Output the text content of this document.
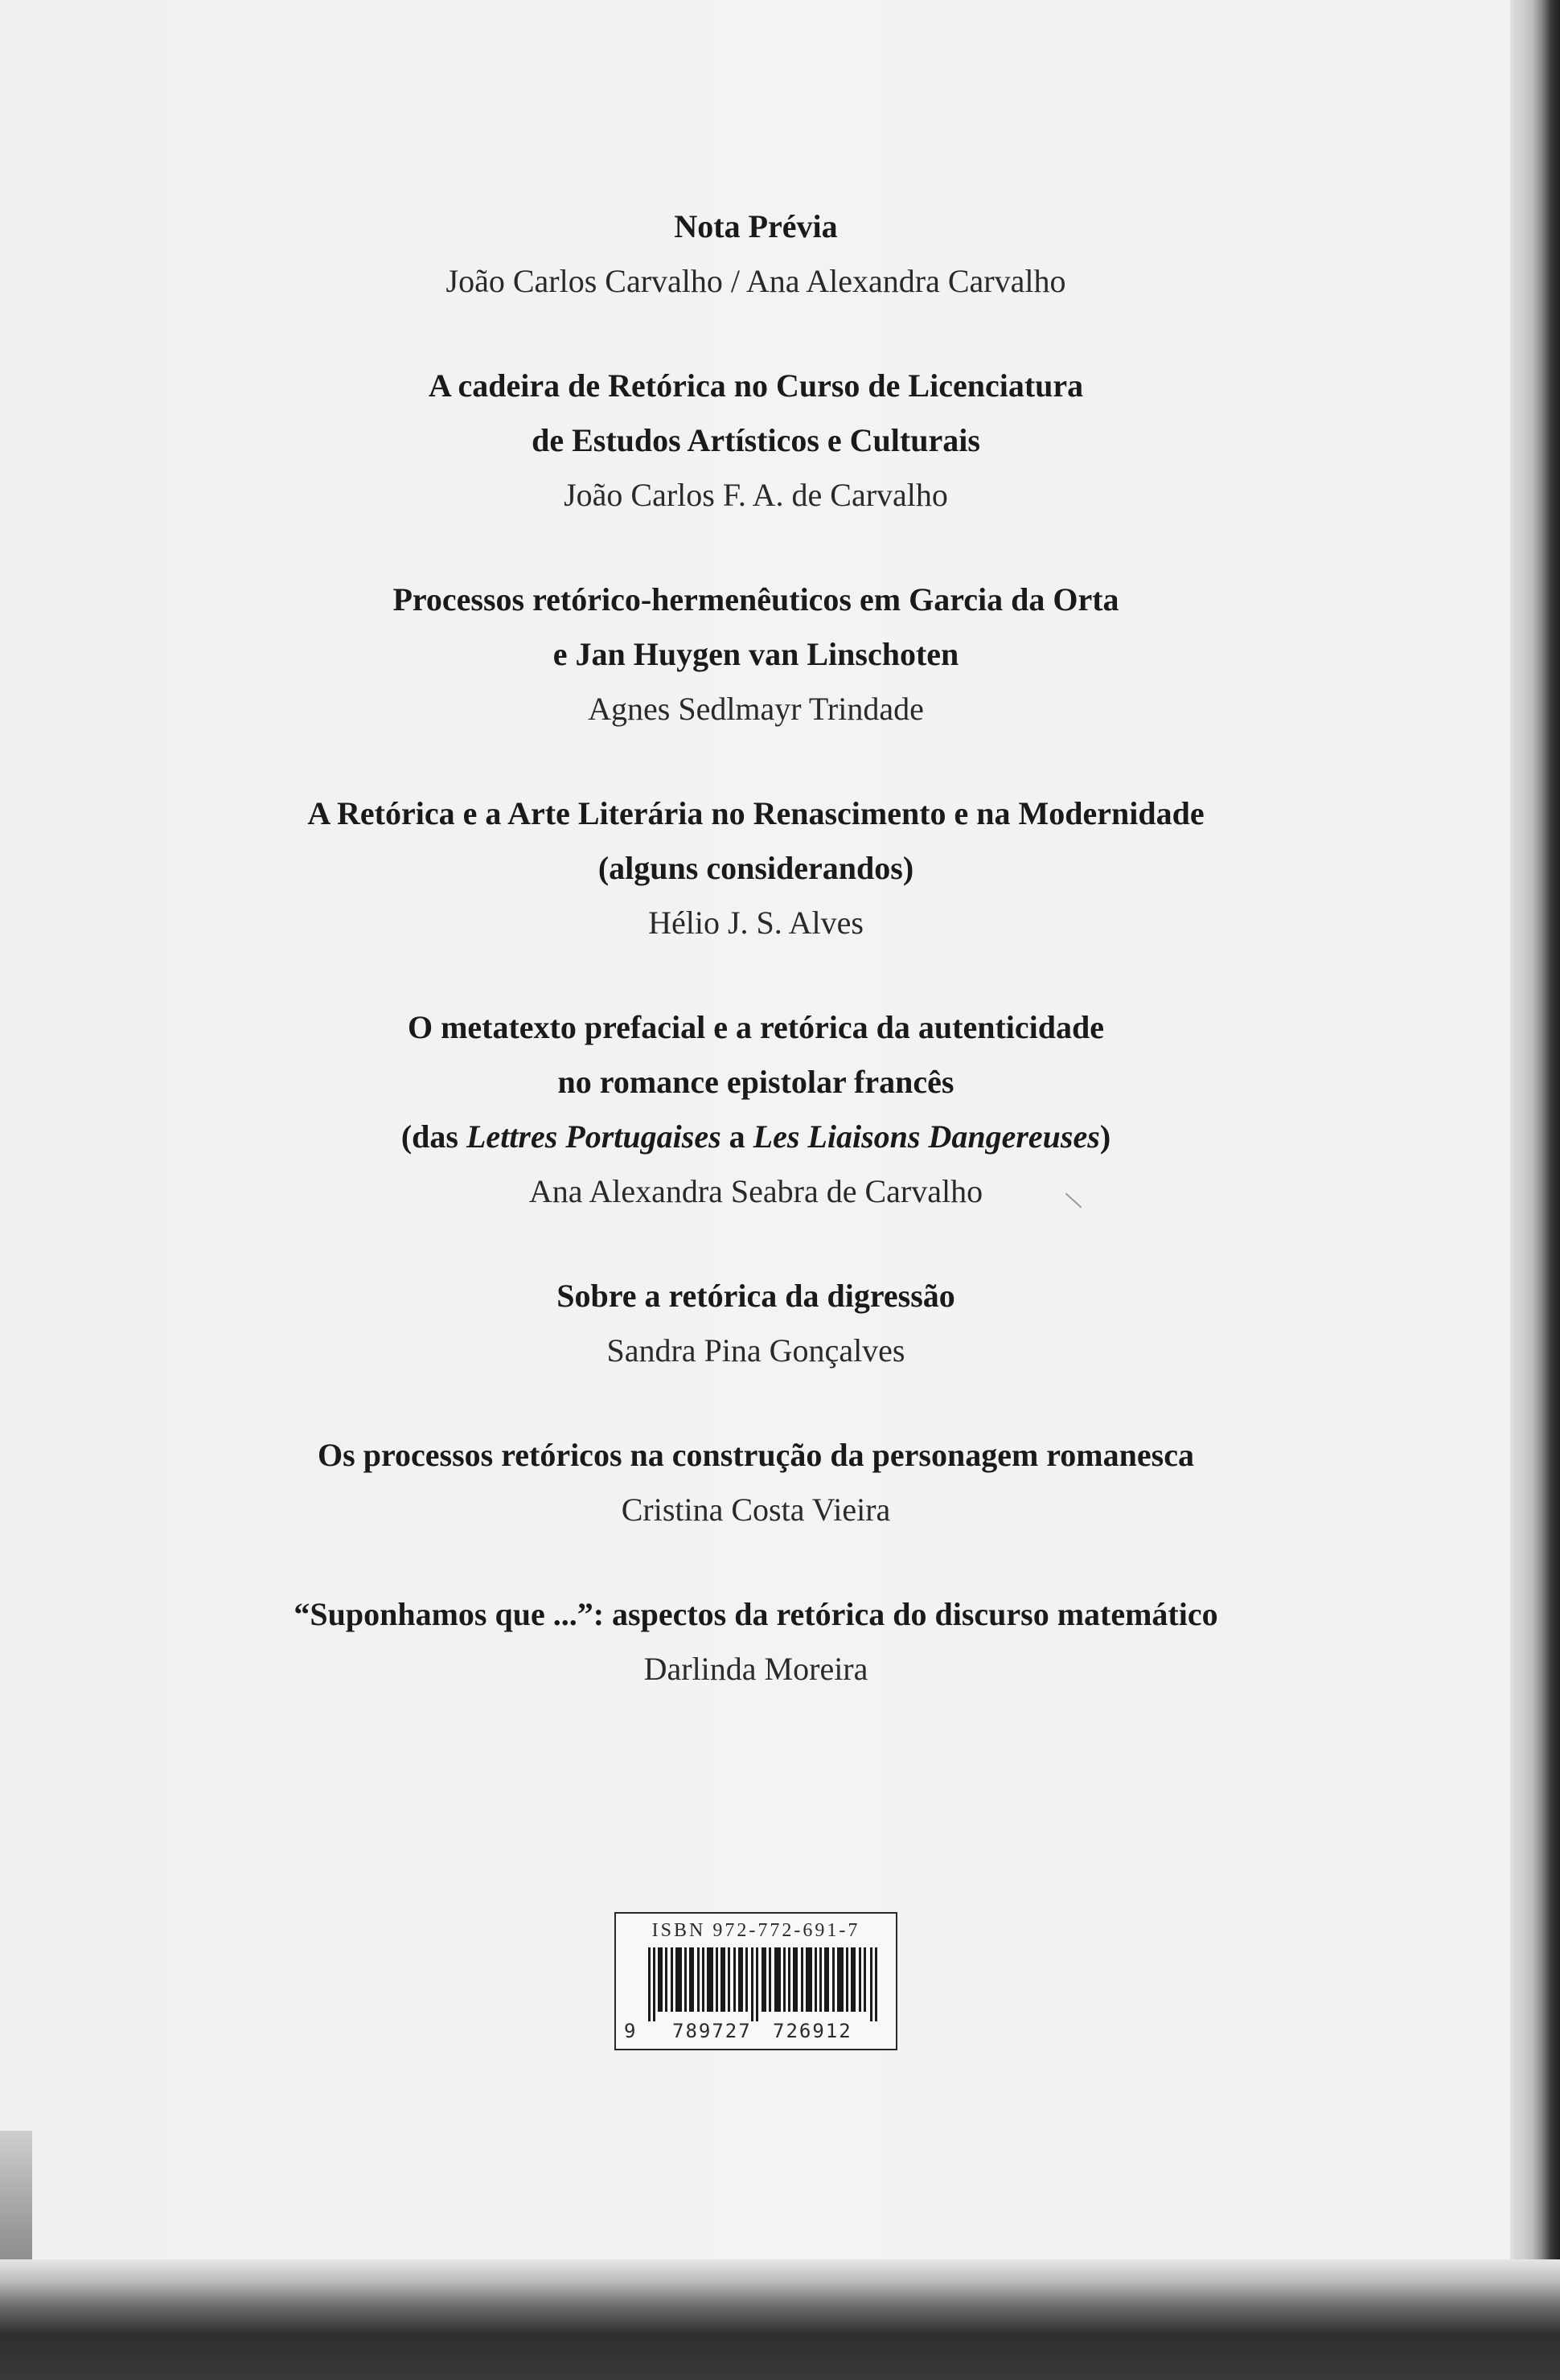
Nota Prévia
João Carlos Carvalho / Ana Alexandra Carvalho
A cadeira de Retórica no Curso de Licenciatura
de Estudos Artísticos e Culturais
João Carlos F. A. de Carvalho
Processos retórico-hermenêuticos em Garcia da Orta
e Jan Huygen van Linschoten
Agnes Sedlmayr Trindade
A Retórica e a Arte Literária no Renascimento e na Modernidade
(alguns considerandos)
Hélio J. S. Alves
O metatexto prefacial e a retórica da autenticidade
no romance epistolar francês
(das Lettres Portugaises a Les Liaisons Dangereuses)
Ana Alexandra Seabra de Carvalho
Sobre a retórica da digressão
Sandra Pina Gonçalves
Os processos retóricos na construção da personagem romanesca
Cristina Costa Vieira
“Suponhamos que ...”: aspectos da retórica do discurso matemático
Darlinda Moreira
ISBN 972-772-691-7
9 789727 726912
